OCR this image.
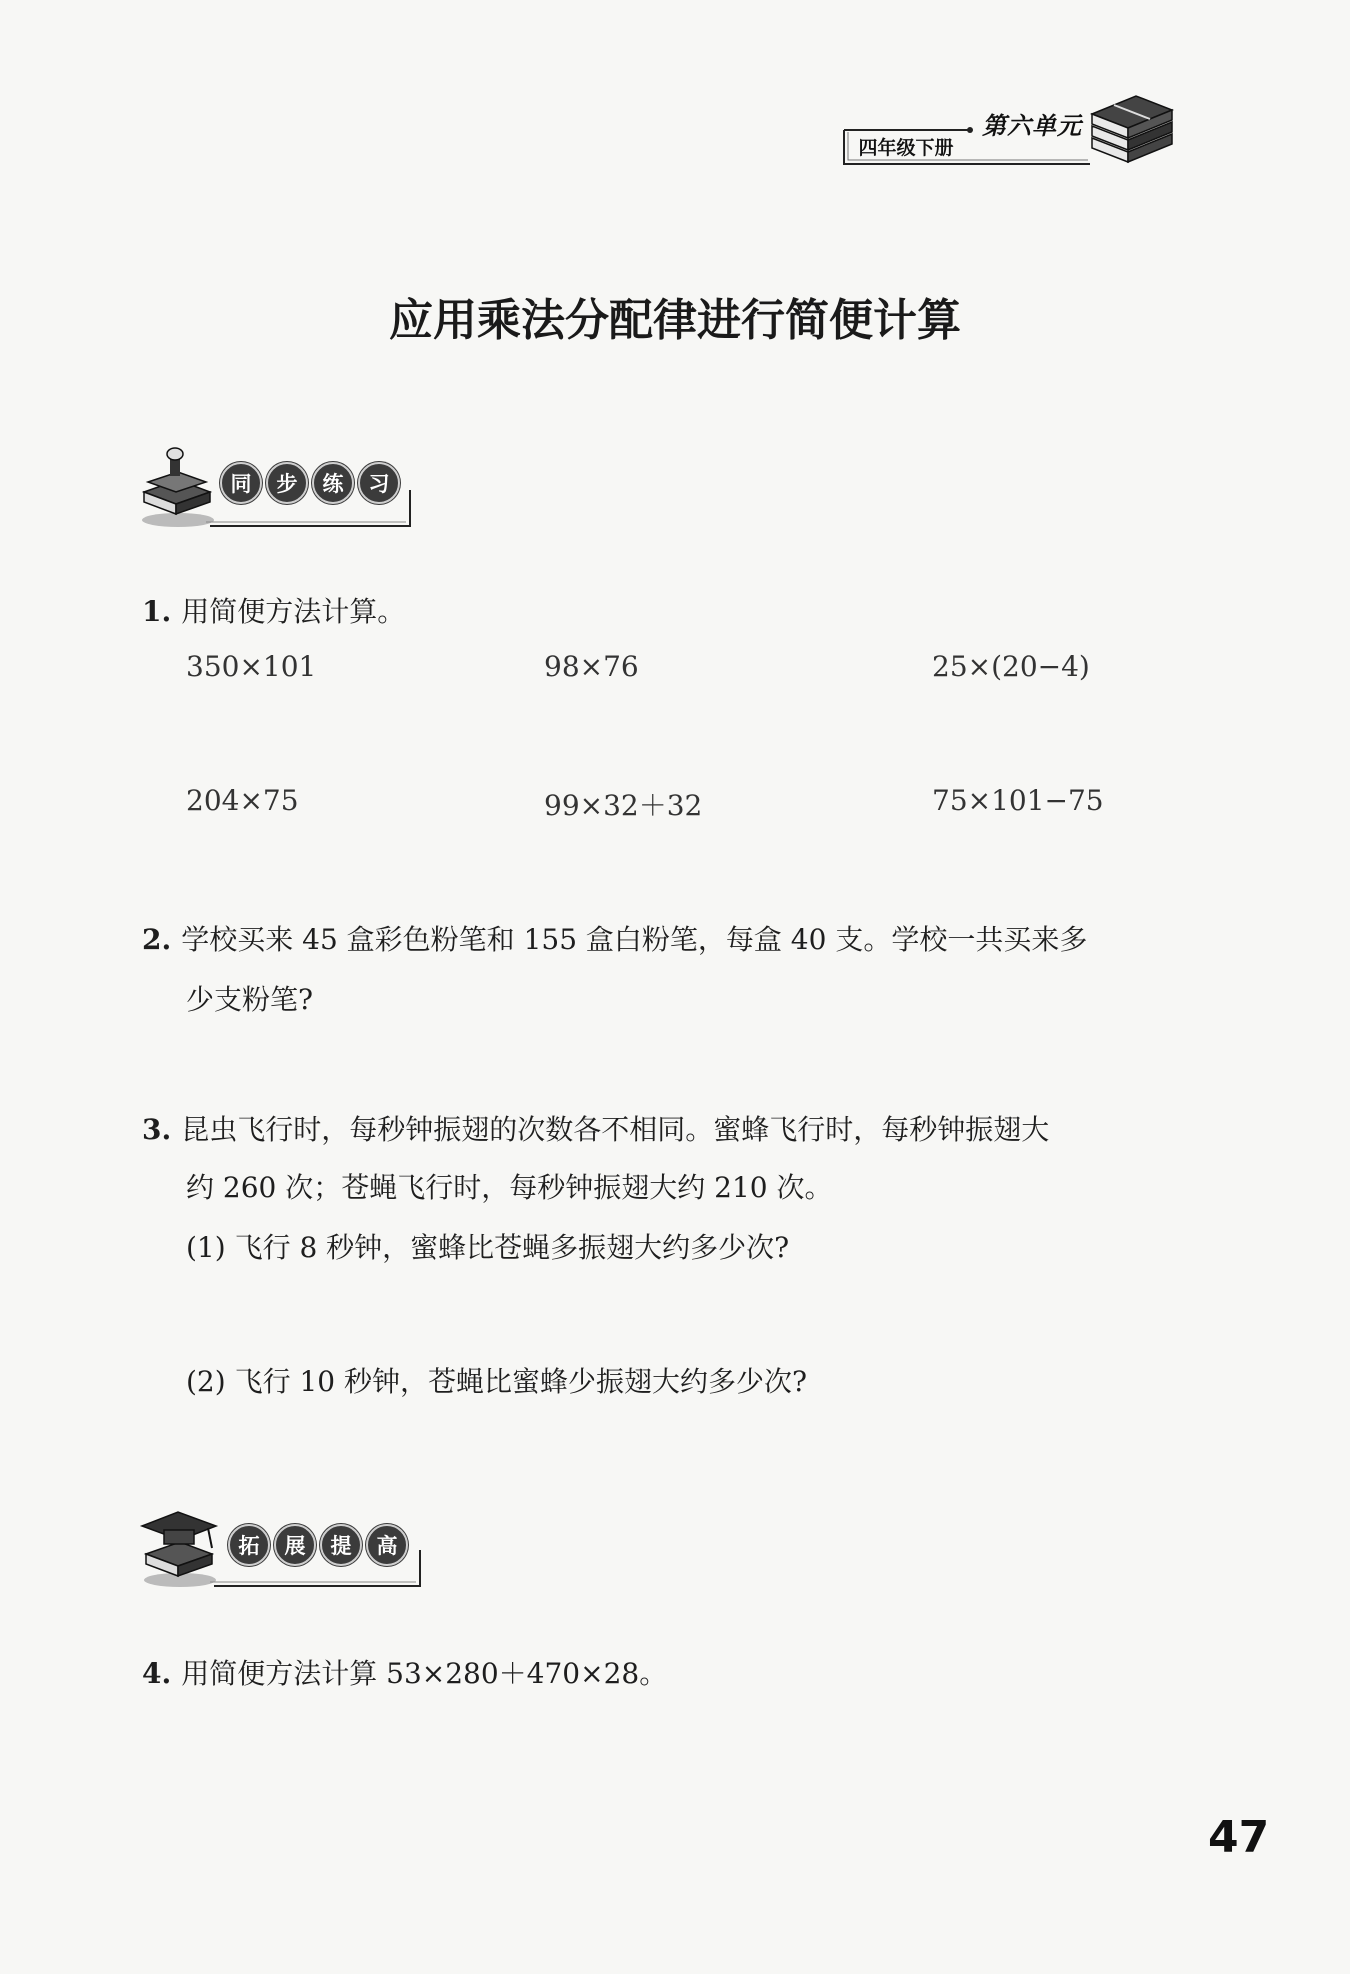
四年级下册
第六单元
应用乘法分配律进行简便计算
同	步	练	习
1. 用简便方法计算。
350×101	98×76	25×(20−4)
204×75	99×32＋32	75×101−75
2. 学校买来 45 盒彩色粉笔和 155 盒白粉笔，每盒 40 支。学校一共买来多
少支粉笔?
3. 昆虫飞行时，每秒钟振翅的次数各不相同。蜜蜂飞行时，每秒钟振翅大
约 260 次；苍蝇飞行时，每秒钟振翅大约 210 次。
(1) 飞行 8 秒钟，蜜蜂比苍蝇多振翅大约多少次?
(2) 飞行 10 秒钟，苍蝇比蜜蜂少振翅大约多少次?
拓	展	提	高
4. 用简便方法计算 53×280＋470×28。
47
